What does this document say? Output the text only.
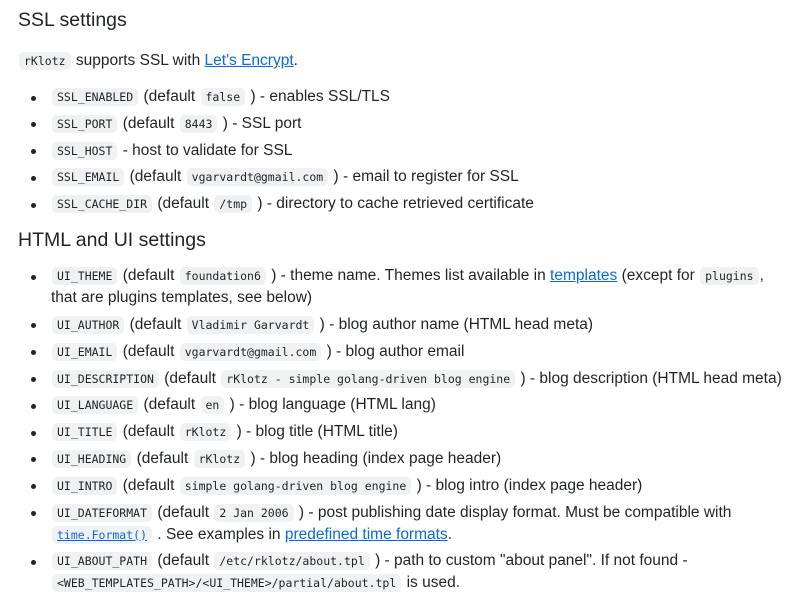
SSL settings

rKlotz supports SSL with Let's Encrypt.

SSL_ENABLED (default false ) - enables SSL/TLS
SSL_PORT (default 8443 ) - SSL port
SSL_HOST - host to validate for SSL
SSL_EMAIL (default vgarvardt@gmail.com ) - email to register for SSL
SSL_CACHE_DIR (default /tmp ) - directory to cache retrieved certificate
HTML and UI settings
UI_THEME (default foundation6 ) - theme name. Themes list available in templates (except for plugins , that are plugins templates, see below)
UI_AUTHOR (default Vladimir Garvardt ) - blog author name (HTML head meta)
UI_EMAIL (default vgarvardt@gmail.com ) - blog author email
UI_DESCRIPTION (default rKlotz - simple golang-driven blog engine ) - blog description (HTML head meta)
UI_LANGUAGE (default en ) - blog language (HTML lang)
UI_TITLE (default rKlotz ) - blog title (HTML title)
UI_HEADING (default rKlotz ) - blog heading (index page header)
UI_INTRO (default simple golang-driven blog engine ) - blog intro (index page header)
UI_DATEFORMAT (default 2 Jan 2006 ) - post publishing date display format. Must be compatible with time.Format() . See examples in predefined time formats.
UI_ABOUT_PATH (default /etc/rklotz/about.tpl ) - path to custom "about panel". If not found - <WEB_TEMPLATES_PATH>/<UI_THEME>/partial/about.tpl is used.
